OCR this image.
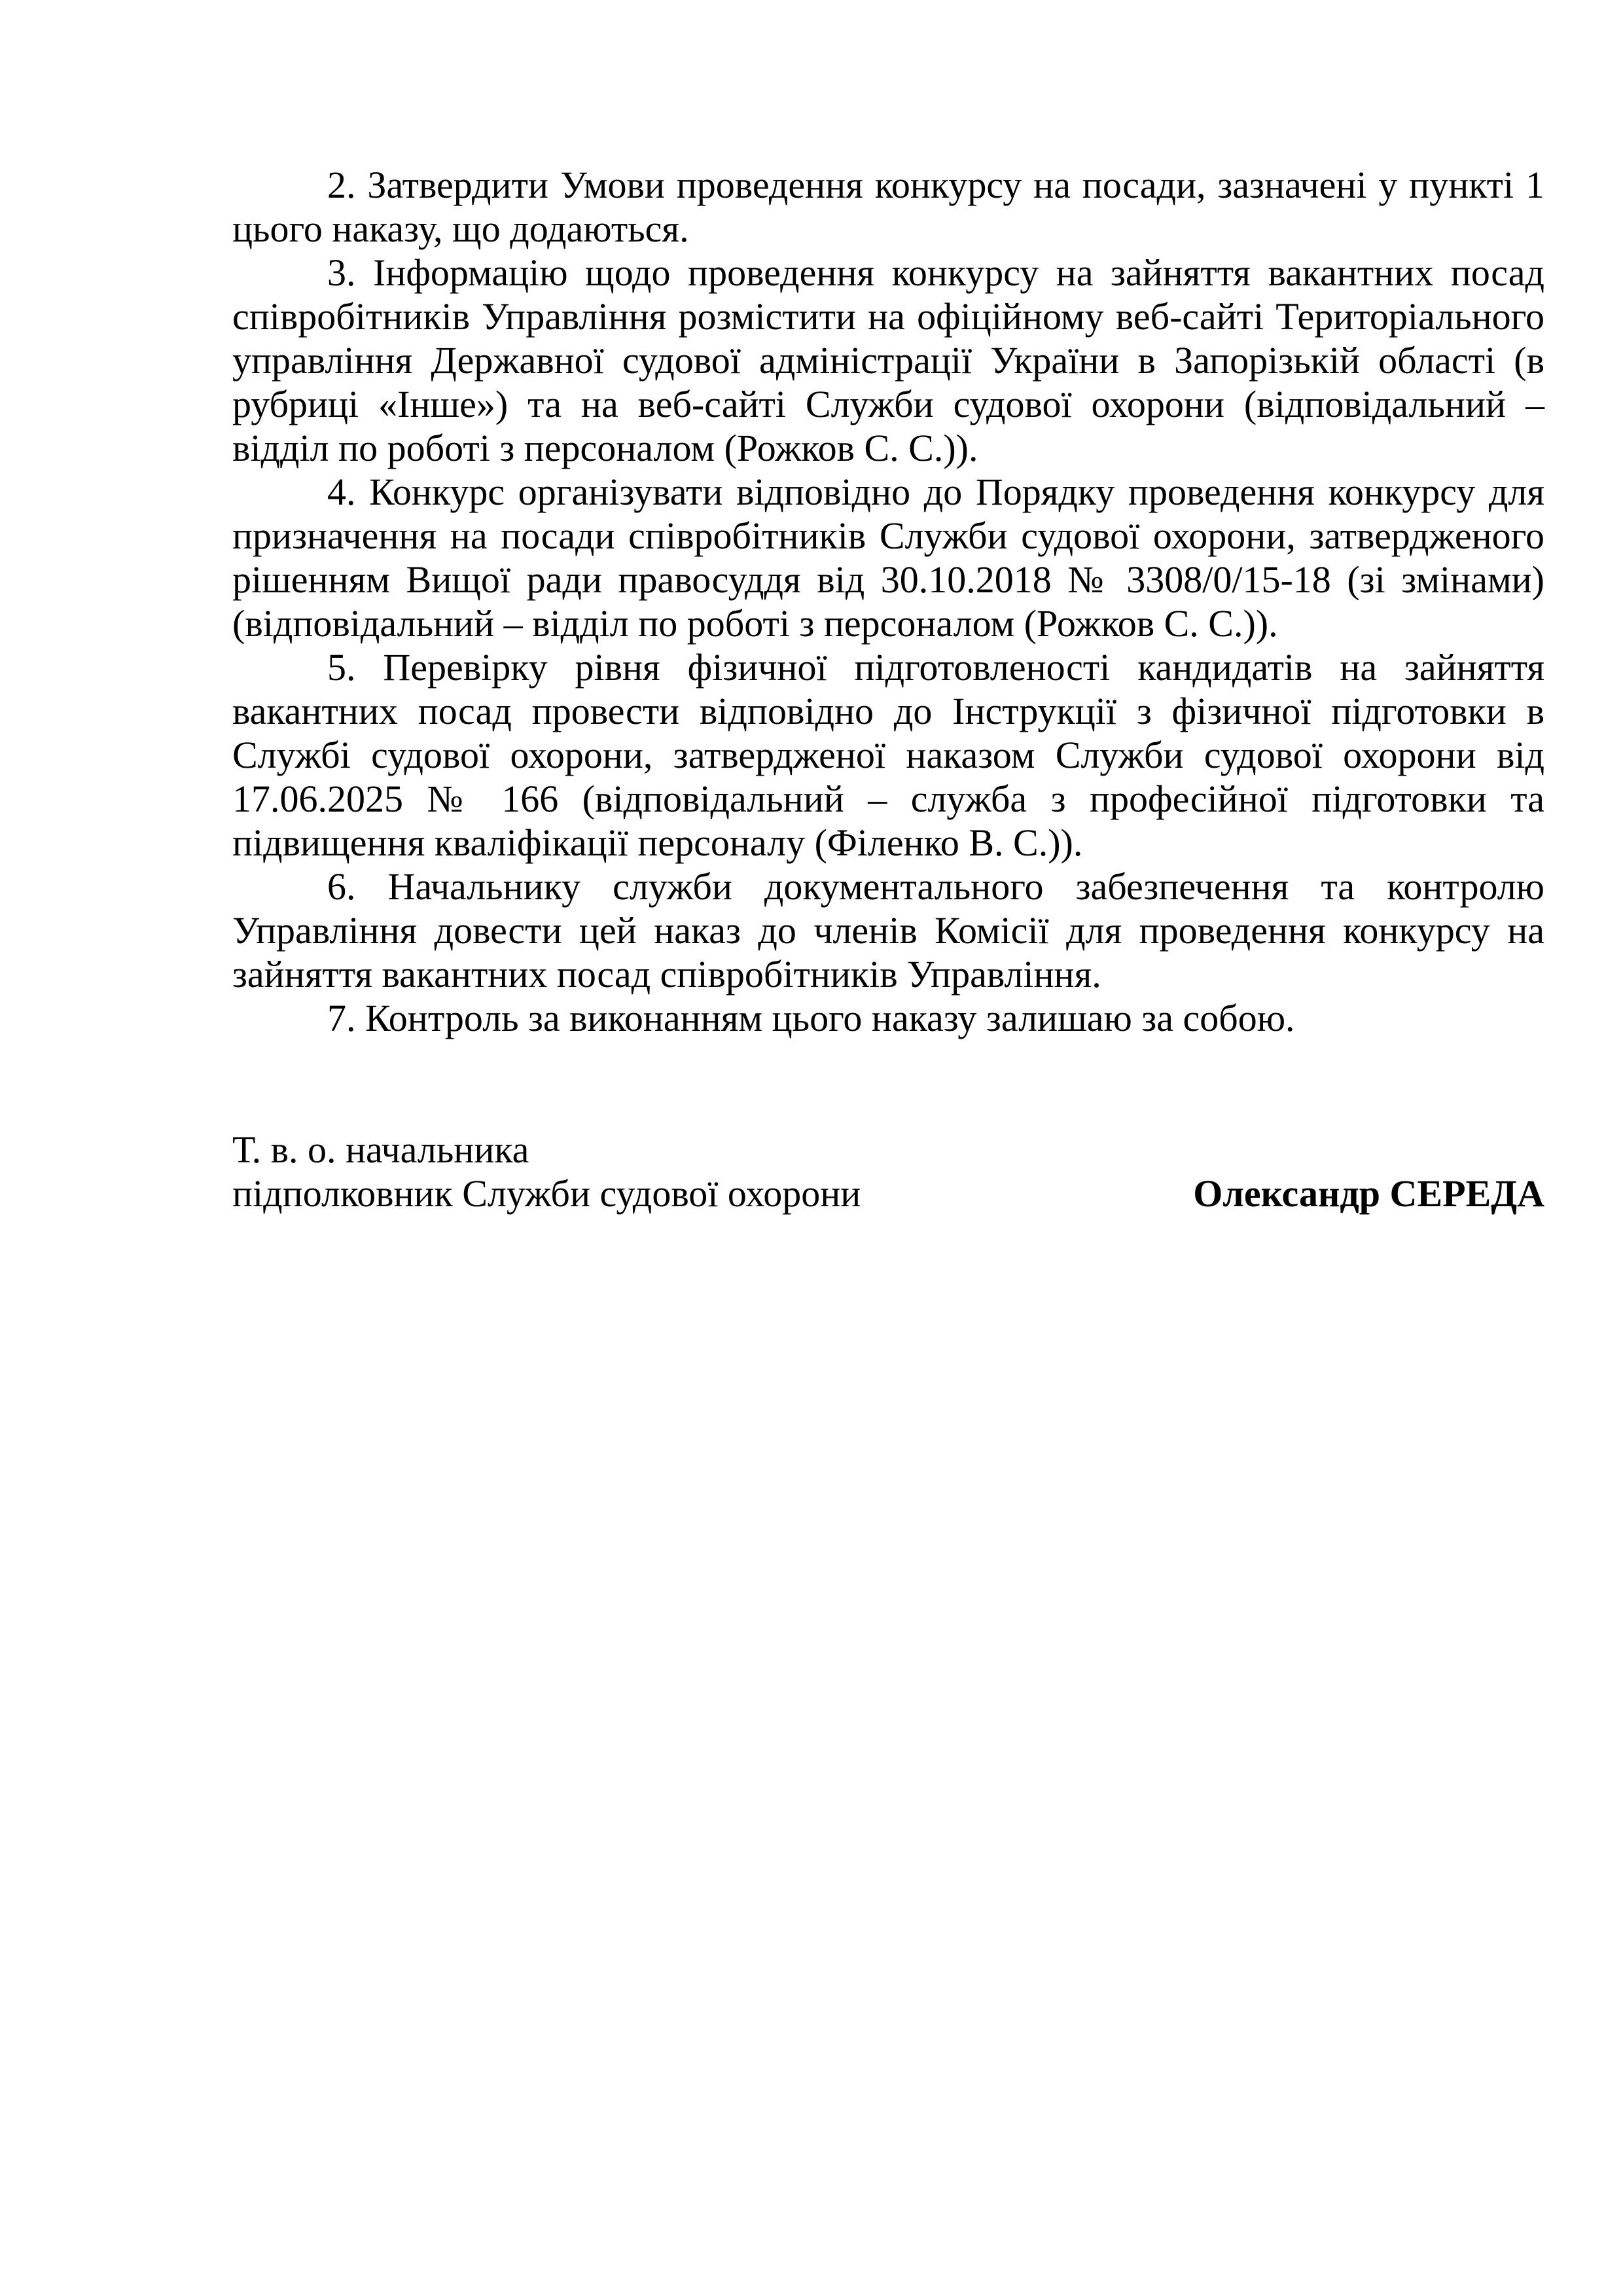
2. Затвердити Умови проведення конкурсу на посади, зазначені у пункті 1
цього наказу, що додаються.

3. Інформацію щодо проведення конкурсу на зайняття вакантних посад
співробітників Управління розмістити на офіційному веб-сайті Територіального
управління Державної судової адміністрації України в Запорізькій області (в
рубриці «Інше») та на веб-сайті Служби судової охорони (відповідальний –
відділ по роботі з персоналом (Рожков С. С.)).

4. Конкурс організувати відповідно до Порядку проведення конкурсу для
призначення на посади співробітників Служби судової охорони, затвердженого
рішенням Вищої ради правосуддя від 30.10.2018 № 3308/0/15-18 (зі змінами)
(відповідальний – відділ по роботі з персоналом (Рожков С. С.)).

5. Перевірку рівня фізичної підготовленості кандидатів на зайняття
вакантних посад провести відповідно до Інструкції з фізичної підготовки в
Службі судової охорони, затвердженої наказом Служби судової охорони від
17.06.2025 № 166 (відповідальний – служба з професійної підготовки та
підвищення кваліфікації персоналу (Філенко В. С.)).

6. Начальнику служби документального забезпечення та контролю
Управління довести цей наказ до членів Комісії для проведення конкурсу на
зайняття вакантних посад співробітників Управління.

7. Контроль за виконанням цього наказу залишаю за собою.

Т. в. о. начальника
підполковник Служби судової охорони	Олександр СЕРЕДА
